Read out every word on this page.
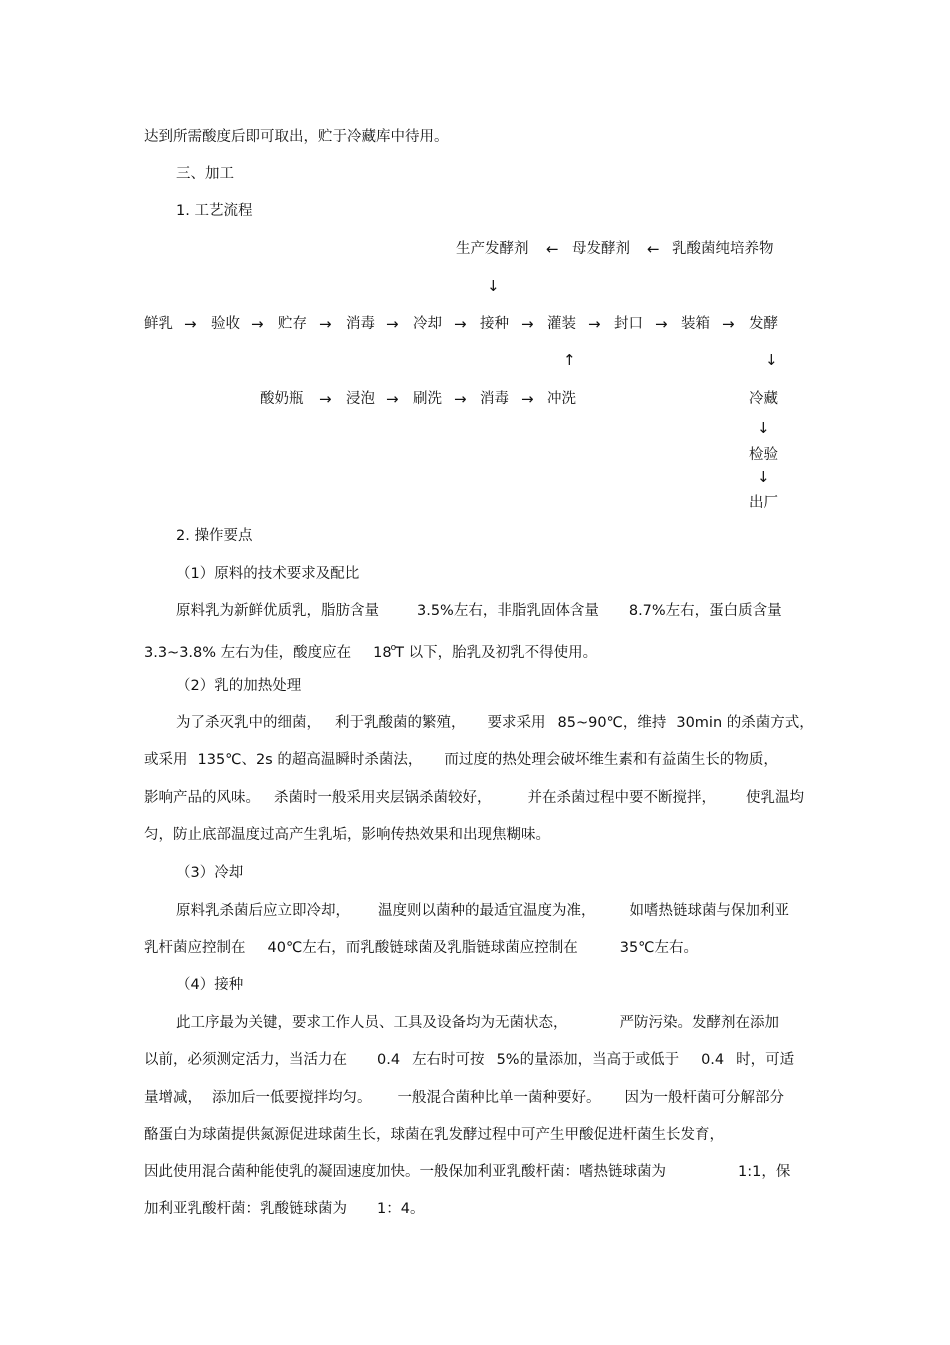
达到所需酸度后即可取出，贮于冷藏库中待用。
三、加工
1. 工艺流程
生产发酵剂 ← 母发酵剂 ← 乳酸菌纯培养物
↓
鲜乳 → 验收 → 贮存 → 消毒 → 冷却 → 接种 → 灌装 → 封口 → 装箱 → 发酵
↑	↓
酸奶瓶 → 浸泡 → 刷洗 → 消毒 → 冲洗	冷藏
↓
检验
↓
出厂
2. 操作要点
（1）原料的技术要求及配比
原料乳为新鲜优质乳，脂肪含量	3.5%左右，非脂乳固体含量 8.7%左右，蛋白质含量
3.3~3.8% 左右为佳，酸度应在 18$^o$T 以下，胎乳及初乳不得使用。
（2）乳的加热处理
为了杀灭乳中的细菌， 利于乳酸菌的繁殖， 要求采用 85~90℃，维持 30min 的杀菌方式，
或采用 135℃、2s 的超高温瞬时杀菌法， 而过度的热处理会破坏维生素和有益菌生长的物质，
影响产品的风味。 杀菌时一般采用夹层锅杀菌较好， 并在杀菌过程中要不断搅拌， 使乳温均
匀，防止底部温度过高产生乳垢，影响传热效果和出现焦糊味。
（3）冷却
原料乳杀菌后应立即冷却， 温度则以菌种的最适宜温度为准， 如嗜热链球菌与保加利亚
乳杆菌应控制在 40℃左右，而乳酸链球菌及乳脂链球菌应控制在	35℃左右。
（4）接种
此工序最为关键，要求工作人员、工具及设备均为无菌状态，	严防污染。发酵剂在添加
以前，必须测定活力，当活力在 0.4 左右时可按 5%的量添加，当高于或低于 0.4 时，可适
量增减， 添加后一低要搅拌均匀。 一般混合菌种比单一菌种要好。 因为一般杆菌可分解部分
酪蛋白为球菌提供氮源促进球菌生长，球菌在乳发酵过程中可产生甲酸促进杆菌生长发育，
因此使用混合菌种能使乳的凝固速度加快。一般保加利亚乳酸杆菌：嗜热链球菌为	1:1，保
加利亚乳酸杆菌：乳酸链球菌为 1：4。
